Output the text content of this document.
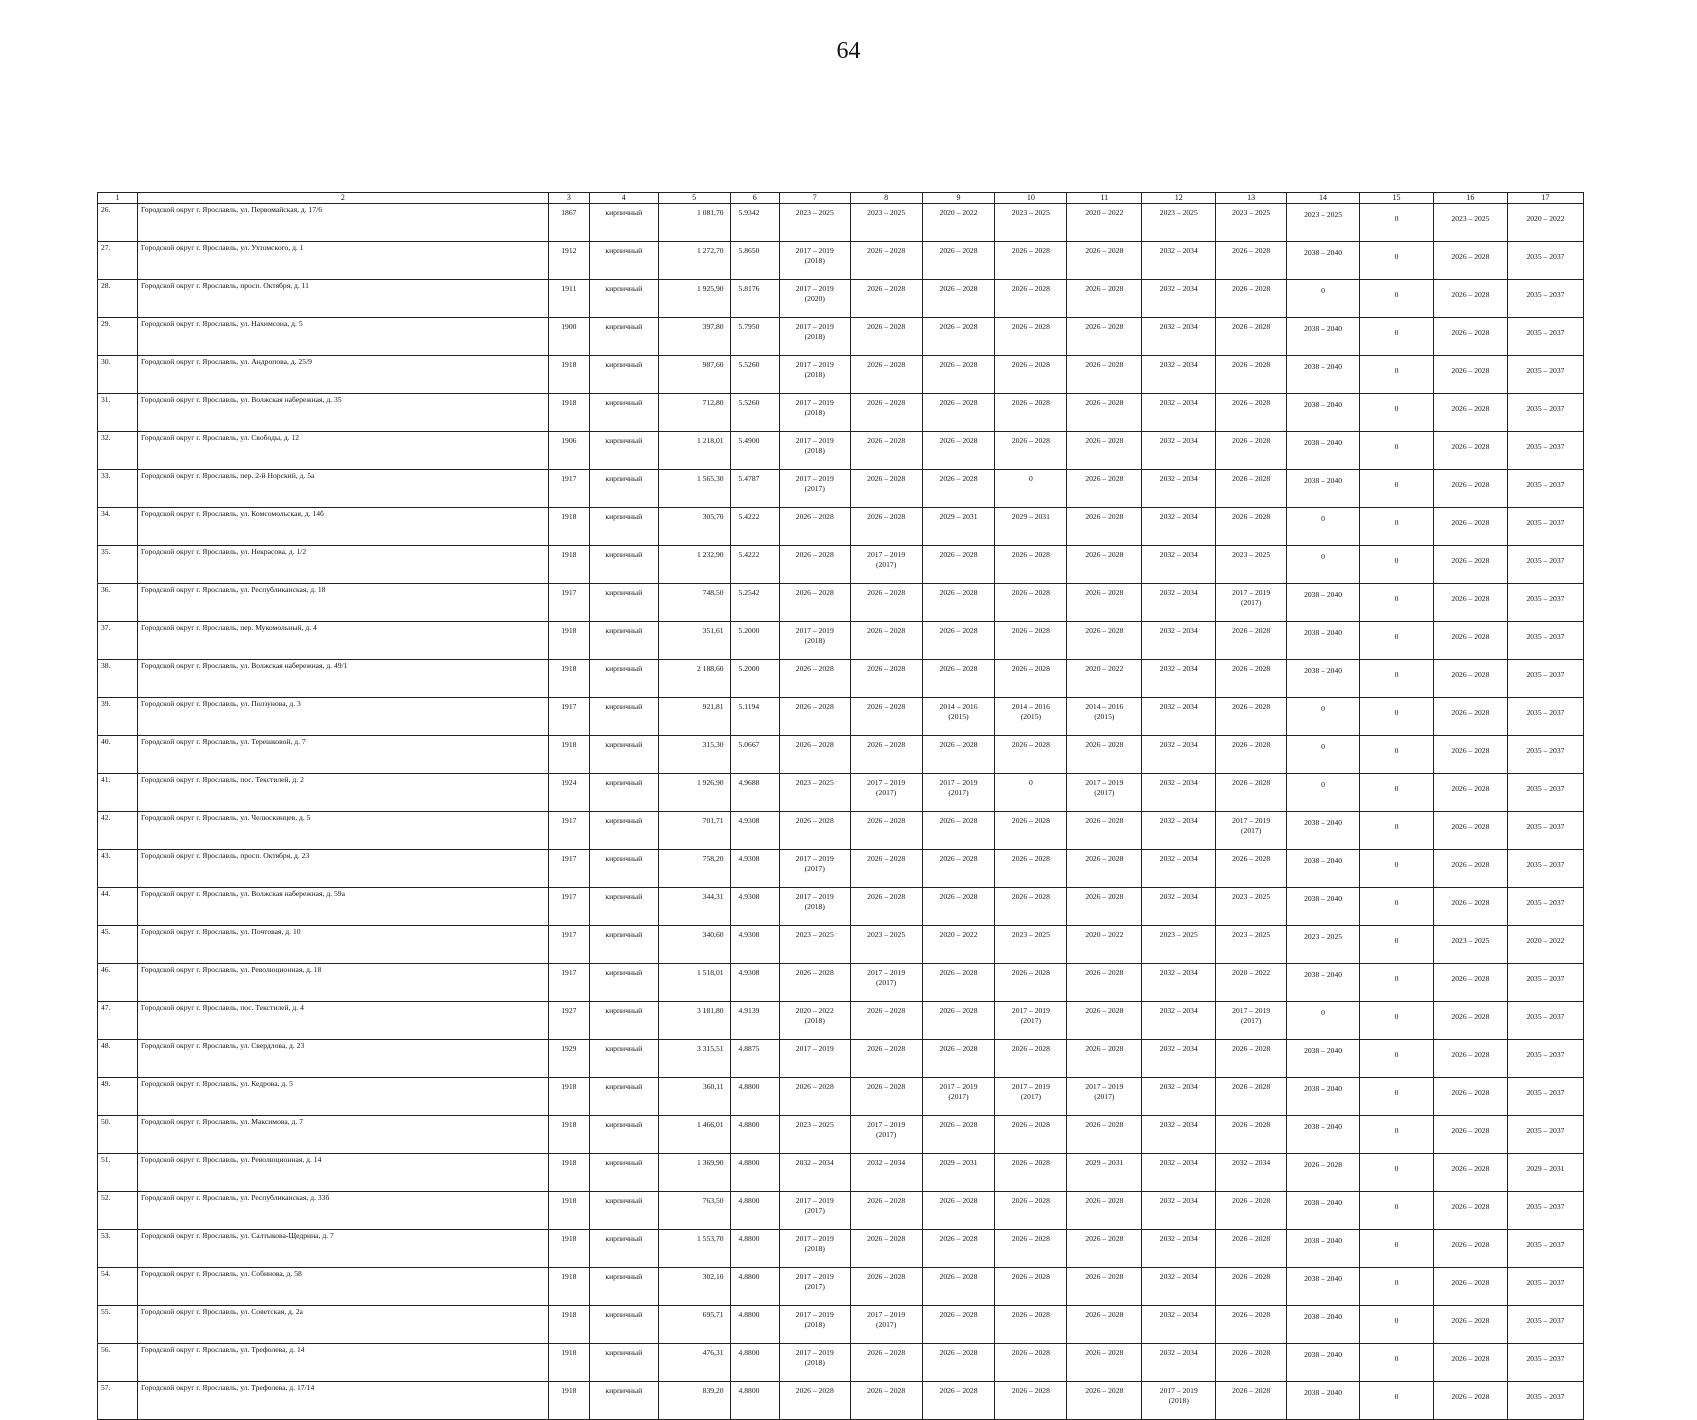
64
1	2	3	4	5	6	7	8	9	10	11	12	13	14	15	16	17
26.	Городской округ г. Ярославль, ул. Первомайская, д. 17/6	1867	кирпичный	1 081,70	5.9342	2023 – 2025	2023 – 2025	2020 – 2022	2023 – 2025	2020 – 2022	2023 – 2025	2023 – 2025	2023 – 2025	0	2023 – 2025	2020 – 2022
27.	Городской округ г. Ярославль, ул. Ухтомского, д. 1	1912	кирпичный	1 272,70	5.8650	2017 – 2019
(2018)	2026 – 2028	2026 – 2028	2026 – 2028	2026 – 2028	2032 – 2034	2026 – 2028	2038 – 2040	0	2026 – 2028	2035 – 2037
28.	Городской округ г. Ярославль, просп. Октября, д. 11	1911	кирпичный	1 925,90	5.8176	2017 – 2019
(2020)	2026 – 2028	2026 – 2028	2026 – 2028	2026 – 2028	2032 – 2034	2026 – 2028	0	0	2026 – 2028	2035 – 2037
29.	Городской округ г. Ярославль, ул. Нахимсона, д. 5	1900	кирпичный	397,80	5.7950	2017 – 2019
(2018)	2026 – 2028	2026 – 2028	2026 – 2028	2026 – 2028	2032 – 2034	2026 – 2028	2038 – 2040	0	2026 – 2028	2035 – 2037
30.	Городской округ г. Ярославль, ул. Андропова, д. 25/9	1918	кирпичный	987,60	5.5260	2017 – 2019
(2018)	2026 – 2028	2026 – 2028	2026 – 2028	2026 – 2028	2032 – 2034	2026 – 2028	2038 – 2040	0	2026 – 2028	2035 – 2037
31.	Городской округ г. Ярославль, ул. Волжская набережная, д. 35	1918	кирпичный	712,80	5.5260	2017 – 2019
(2018)	2026 – 2028	2026 – 2028	2026 – 2028	2026 – 2028	2032 – 2034	2026 – 2028	2038 – 2040	0	2026 – 2028	2035 – 2037
32.	Городской округ г. Ярославль, ул. Свободы, д. 12	1906	кирпичный	1 218,01	5.4900	2017 – 2019
(2018)	2026 – 2028	2026 – 2028	2026 – 2028	2026 – 2028	2032 – 2034	2026 – 2028	2038 – 2040	0	2026 – 2028	2035 – 2037
33.	Городской округ г. Ярославль, пер. 2-й Норский, д. 5а	1917	кирпичный	1 565,30	5.4787	2017 – 2019
(2017)	2026 – 2028	2026 – 2028	0	2026 – 2028	2032 – 2034	2026 – 2028	2038 – 2040	0	2026 – 2028	2035 – 2037
34.	Городской округ г. Ярославль, ул. Комсомольская, д. 14б	1918	кирпичный	305,70	5.4222	2026 – 2028	2026 – 2028	2029 – 2031	2029 – 2031	2026 – 2028	2032 – 2034	2026 – 2028	0	0	2026 – 2028	2035 – 2037
35.	Городской округ г. Ярославль, ул. Некрасова, д. 1/2	1918	кирпичный	1 232,90	5.4222	2026 – 2028	2017 – 2019
(2017)	2026 – 2028	2026 – 2028	2026 – 2028	2032 – 2034	2023 – 2025	0	0	2026 – 2028	2035 – 2037
36.	Городской округ г. Ярославль, ул. Республиканская, д. 18	1917	кирпичный	748,50	5.2542	2026 – 2028	2026 – 2028	2026 – 2028	2026 – 2028	2026 – 2028	2032 – 2034	2017 – 2019
(2017)	2038 – 2040	0	2026 – 2028	2035 – 2037
37.	Городской округ г. Ярославль, пер. Мукомольный, д. 4	1918	кирпичный	351,61	5.2000	2017 – 2019
(2018)	2026 – 2028	2026 – 2028	2026 – 2028	2026 – 2028	2032 – 2034	2026 – 2028	2038 – 2040	0	2026 – 2028	2035 – 2037
38.	Городской округ г. Ярославль, ул. Волжская набережная, д. 49/1	1918	кирпичный	2 188,60	5.2000	2026 – 2028	2026 – 2028	2026 – 2028	2026 – 2028	2020 – 2022	2032 – 2034	2026 – 2028	2038 – 2040	0	2026 – 2028	2035 – 2037
39.	Городской округ г. Ярославль, ул. Ползунова, д. 3	1917	кирпичный	921,81	5.1194	2026 – 2028	2026 – 2028	2014 – 2016
(2015)	2014 – 2016
(2015)	2014 – 2016
(2015)	2032 – 2034	2026 – 2028	0	0	2026 – 2028	2035 – 2037
40.	Городской округ г. Ярославль, ул. Терешковой, д. 7	1918	кирпичный	315,30	5.0667	2026 – 2028	2026 – 2028	2026 – 2028	2026 – 2028	2026 – 2028	2032 – 2034	2026 – 2028	0	0	2026 – 2028	2035 – 2037
41.	Городской округ г. Ярославль, пос. Текстилей, д. 2	1924	кирпичный	1 926,90	4.9688	2023 – 2025	2017 – 2019
(2017)	2017 – 2019
(2017)	0	2017 – 2019
(2017)	2032 – 2034	2026 – 2028	0	0	2026 – 2028	2035 – 2037
42.	Городской округ г. Ярославль, ул. Челюскинцев, д. 5	1917	кирпичный	701,71	4.9308	2026 – 2028	2026 – 2028	2026 – 2028	2026 – 2028	2026 – 2028	2032 – 2034	2017 – 2019
(2017)	2038 – 2040	0	2026 – 2028	2035 – 2037
43.	Городской округ г. Ярославль, просп. Октября, д. 23	1917	кирпичный	758,20	4.9308	2017 – 2019
(2017)	2026 – 2028	2026 – 2028	2026 – 2028	2026 – 2028	2032 – 2034	2026 – 2028	2038 – 2040	0	2026 – 2028	2035 – 2037
44.	Городской округ г. Ярославль, ул. Волжская набережная, д. 59а	1917	кирпичный	344,31	4.9308	2017 – 2019
(2018)	2026 – 2028	2026 – 2028	2026 – 2028	2026 – 2028	2032 – 2034	2023 – 2025	2038 – 2040	0	2026 – 2028	2035 – 2037
45.	Городской округ г. Ярославль, ул. Почтовая, д. 10	1917	кирпичный	340,60	4.9308	2023 – 2025	2023 – 2025	2020 – 2022	2023 – 2025	2020 – 2022	2023 – 2025	2023 – 2025	2023 – 2025	0	2023 – 2025	2020 – 2022
46.	Городской округ г. Ярославль, ул. Революционная, д. 18	1917	кирпичный	1 518,01	4.9308	2026 – 2028	2017 – 2019
(2017)	2026 – 2028	2026 – 2028	2026 – 2028	2032 – 2034	2020 – 2022	2038 – 2040	0	2026 – 2028	2035 – 2037
47.	Городской округ г. Ярославль, пос. Текстилей, д. 4	1927	кирпичный	3 181,80	4.9139	2020 – 2022
(2018)	2026 – 2028	2026 – 2028	2017 – 2019
(2017)	2026 – 2028	2032 – 2034	2017 – 2019
(2017)	0	0	2026 – 2028	2035 – 2037
48.	Городской округ г. Ярославль, ул. Свердлова, д. 23	1929	кирпичный	3 315,51	4.8875	2017 – 2019	2026 – 2028	2026 – 2028	2026 – 2028	2026 – 2028	2032 – 2034	2026 – 2028	2038 – 2040	0	2026 – 2028	2035 – 2037
49.	Городской округ г. Ярославль, ул. Кедрова, д. 5	1918	кирпичный	360,11	4.8800	2026 – 2028	2026 – 2028	2017 – 2019
(2017)	2017 – 2019
(2017)	2017 – 2019
(2017)	2032 – 2034	2026 – 2028	2038 – 2040	0	2026 – 2028	2035 – 2037
50.	Городской округ г. Ярославль, ул. Максимова, д. 7	1918	кирпичный	1 466,01	4.8800	2023 – 2025	2017 – 2019
(2017)	2026 – 2028	2026 – 2028	2026 – 2028	2032 – 2034	2026 – 2028	2038 – 2040	0	2026 – 2028	2035 – 2037
51.	Городской округ г. Ярославль, ул. Революционная, д. 14	1918	кирпичный	1 369,90	4.8800	2032 – 2034	2032 – 2034	2029 – 2031	2026 – 2028	2029 – 2031	2032 – 2034	2032 – 2034	2026 – 2028	0	2026 – 2028	2029 – 2031
52.	Городской округ г. Ярославль, ул. Республиканская, д. 33б	1918	кирпичный	763,50	4.8800	2017 – 2019
(2017)	2026 – 2028	2026 – 2028	2026 – 2028	2026 – 2028	2032 – 2034	2026 – 2028	2038 – 2040	0	2026 – 2028	2035 – 2037
53.	Городской округ г. Ярославль, ул. Салтыкова-Щедрина, д. 7	1918	кирпичный	1 553,70	4.8800	2017 – 2019
(2018)	2026 – 2028	2026 – 2028	2026 – 2028	2026 – 2028	2032 – 2034	2026 – 2028	2038 – 2040	0	2026 – 2028	2035 – 2037
54.	Городской округ г. Ярославль, ул. Собинова, д. 58	1918	кирпичный	302,10	4.8800	2017 – 2019
(2017)	2026 – 2028	2026 – 2028	2026 – 2028	2026 – 2028	2032 – 2034	2026 – 2028	2038 – 2040	0	2026 – 2028	2035 – 2037
55.	Городской округ г. Ярославль, ул. Советская, д. 2а	1918	кирпичный	695,71	4.8800	2017 – 2019
(2018)	2017 – 2019
(2017)	2026 – 2028	2026 – 2028	2026 – 2028	2032 – 2034	2026 – 2028	2038 – 2040	0	2026 – 2028	2035 – 2037
56.	Городской округ г. Ярославль, ул. Трефолева, д. 14	1918	кирпичный	476,31	4.8800	2017 – 2019
(2018)	2026 – 2028	2026 – 2028	2026 – 2028	2026 – 2028	2032 – 2034	2026 – 2028	2038 – 2040	0	2026 – 2028	2035 – 2037
57.	Городской округ г. Ярославль, ул. Трефолева, д. 17/14	1918	кирпичный	839,20	4.8800	2026 – 2028	2026 – 2028	2026 – 2028	2026 – 2028	2026 – 2028	2017 – 2019
(2018)	2026 – 2028	2038 – 2040	0	2026 – 2028	2035 – 2037
